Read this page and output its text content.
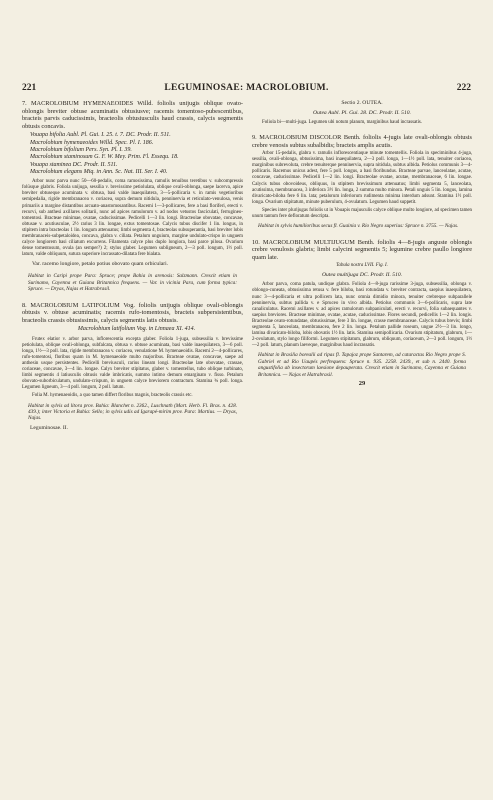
221	LEGUMINOSAE: MACROLOBIUM.	222

7. MACROLOBIUM HYMENAEOIDES Willd. foliolis unijugis oblique ovato-oblongis breviter obtuse acuminatis obtusiusve; racemis tomentoso-pubescentibus, bracteis parvis caducissimis, bracteolis obtusiusculis haud crassis, calycis segmentis obtusis concavis.

Vouapa bifolia Aubl. Pl. Gui. I. 25. t. 7. DC. Prodr. II. 511.
Macrolobium hymenaeoides Willd. Spec. Pl. I. 186.
Macrolobium bifolium Pers. Syn. Pl. I. 39.
Macrolobium staminosum G. F. W. Mey. Prim. Fl. Essequ. 18.
Vouapa staminea DC. Prodr. II. 511.
Macrolobium elegans Miq. in Ann. Sc. Nat. III. Ser. I. 40.

Arbor nunc parva nunc 50—60-pedalis, coma ramosissima, ramulis tenuibus teretibus v. subcompressis folüsque glabris. Foliola unijuga, sessilia v. brevissime petiolulata, oblique ovali-oblonga, saepe lacerva, apice breviter obtuseque acuminata v. obtusa, basi valde inaequilatera, 3—5-pollicaria v. in ramis vegetioribus semipedalia, rigide membranacea v. coriacea, supra demum nitidula, penninervia et reticulato-venulosa, venis primariis a margine distantibus arcuato-anastomosantibus. Racemi 1—3-pollicares, fere a basi floriferi, erecti v. recurvi, sub anthesi axillares solitarii, nunc ad apices ramulorum v. ad nodos vetustos fasciculati, ferrugineo-tomentosi. Bracteae minimae, ovatae, caducissimae. Pedicelli 1—3 lin. longi. Bracteolae obovatae, concavae, obtusae v. acutiusculae, 2½ rarius 3 lin. longae, extus tomentosae. Calycis tubus discifer 1 lin. longus, in stipitem intra bracteolas 1 lin. longum attenuatus; limbi segmenta 4, bracteolas subsuperantia, basi breviter lobis membranaceis-subpetaloidea, concava, glabra v. ciliata. Petalum unguium, margine undulato-crispo in unguem calyce longiorem basi ciliatum excurrens. Filamenta calyce plus duplo longiora, basi parce pilosa. Ovarium dense tomentosum, ovula (an semper?) 2; stylus glaber. Legumen subligneum, 2—3 poll. longum, 1½ poll. latum, valde obliquum, sutura superiore incrassato-dilatata fere bialata.

Var. racemo longiore, petalo potius obovato quam orbiculari.

Habitat in Caripi prope Para: Spruce; prope Bahia in arenosis: Salzmann. Crescit etiam in Surinamo, Cayenna et Guiana Britannica frequens. — Var. in vicinia Para, cum forma typica: Spruce. — Dryas, Najas et Hatrabrasil.

8. MACROLOBIUM LATIFOLIUM Vog. foliolis unijugis oblique ovali-oblongis obtusis v. obtuse acuminatis; racemis rufo-tomentosis, bracteis subpersistentibus, bracteolis crassis obtusissimis, calycis segmentis latis obtusis.

Macrolobium latifolium Vog. in Linnaea XI. 414.

Frutex elatior v. arbor parva, inflorescentia excepta glaber. Foliola 1-juga, subsessilia v. brevissime petiolulata, oblique ovali-oblonga, subfalcata, obtusa v. obtuse acuminata, basi valde inaequilatera, 3—6 poll. longa, 1½—3 poll. lata, rigide membranacea v. coriacea, venulatione M. hymenaeoidis. Racemi 2—4-pollicares, rufo-tomentosi, floribus quam in M. hymenaeoide multo majoribus. Bracteae ovatae, concavae, saepe ad anthesin usque persistentes. Pedicelli breviusculi, rarius lineam longi. Bracteolae late obovatae, crassae, coriaceae, concavae, 3—4 lin. longae. Calyx breviter stipitatus, glaber v. tomentellus, tubo oblique turbinato, limbi segmentis 4 latiusculis obtusis valde imbricatis, summo intimo demum emarginato v. fisso. Petalum obovato-suborbiculatum, undulato-crispum, in unguem calyce breviorem contractum. Stamina ¾ poll. longa. Legumen ligneum, 3—4 poll. longum, 2 poll. latum.

Folia M. hymenaeoidis, a quo tamen differt floribus magnis, bracteolis crassis etc.

Habitat in sylvis ad litora prov. Bahia: Blanchet n. 2362., Luschnath (Mart. Herb. Fl. Bras. n. 428. 439.); inter Victoria et Bahia: Sello; in sylvis udis ad Igarapé-mirim prov. Para: Martius. — Dryas, Najas.

Leguminosae. II.

Sectio 2. OUTEA.

Outea Aubl. Pl. Gui. 28. DC. Prodr. II. 510.

Foliola bi—multi-juga. Legumen ubi notum planum, marginibus haud incrassatis.

9. MACROLOBIUM DISCOLOR Benth. foliolis 4-jugis late ovali-oblongis obtusis crebre venosis subtus subalbidis; bracteis amplis acutis.

Arbor 15-pedalis, glabra v. ramulis inflorescentiaque minute tomentellis. Foliola in speciminibus 4-juga, sessilia, ovali-oblonga, obtusissima, basi inaequilatera, 2—3 poll. longa, 1—1½ poll. lata, tenuiter coriacea, marginibus subrevoluta, crebre tenuiterque penninervia, supra nitidula, subtus albida. Petiolus communis 3—4-pollicaris. Racemus unicus adest, fere 5 poll. longus, a basi floribundus. Bracteae parvae, lanceolatae, acutae, concavae, caducissimae. Pedicelli 1—2 lin. longi. Bracteolae ovatae, acutae, membranaceae, 6 lin. longae. Calycis tubus obovoideus, obliquus, in stipitem brevissimum attenuatus; limbi segmenta 5, lanceolata, acutissima, membranacea, 3 inferiora 3½ lin. longa, 2 summa multo minora. Petali unguis 5 lin. longus, lamina divaricato-biloba fere 6 lin. lata; petalorum inferiorum rudimenta minima interdum adsunt. Stamina 1½ poll. longa. Ovarium stipitatum, minute puberulum, 4-ovulatum. Legumen haud suppetit.

Species inter plurijugas foliolis ut in Vouapis majusculis calyce oblique multo longiore, ad specimen tamen unum tantum fere defloratum descripta.

Habitat in sylvis humilioribus secus fl. Guainia v. Rio Negro superius: Spruce n. 3755. — Najas.

10. MACROLOBIUM MULTIJUGUM Benth. foliolis 4—8-jugis anguste oblongis crebre venulosis glabris; limbi calycini segmentis 5; legumine crebre paullo longiore quam late.

Tabula nostra LVII. Fig. I.

Outea multijuga DC. Prodr. II. 510.

Arbor parva, coma patula, undique glabra. Foliola 4—8-juga rarissime 3-juga, subsessilia, oblonga v. oblongo-cuneata, obtusissima retusa v. fere biloba, basi rotundata v. breviter contracta, saepius inaequilatera, nunc 3—4-pollicaria et ultra pollicem lata, nunc omnia dimidio minora, tenuiter crebreque subparallele penninervia, subtus pallida v. e Spruceo in vivo albida. Petiolus communis 3—6-pollicaris, supra late canaliculatus. Racemi axillares v. ad apices ramulorum subpaniculati, erecti v. recurvi, folia subaequantes v. saepius breviores. Bracteae minimae, ovatae, acutae, caducissimae. Flores secundi, pedicellis 1—2 lin. longis. Bracteolae ovato-rotundatae, obtusissimae, fere 3 lin. longae, crasse membranaceae. Calycis tubus brevis; limbi segmenta 5, lanceolata, membranacea, fere 2 lin. longa. Petalum pallide roseum, ungue 2½—3 lin. longo, lamina divaricato-biloba, lobis obovatis 1½ lin. latis. Stamina semipollicaria. Ovarium stipitatum, glabrum, 1—2-ovulatum, stylo longo filiformi. Legumen stipitatum, glabrum, obliquum, coriaceum, 2—3 poll. longum, 1½—2 poll. latum, planum laeveque, marginibus haud incrassatis.

Habitat in Brasilia borealii ad ripas fl. Tapajoz prope Santarem, ad cataractas Rio Negro prope S. Gabriel et ad Rio Uaupés perfrequens: Spruce n. 935. 2258. 2439., et sub n. 2440. forma angustifolia ab insectorum laesione depauperata. Crescit etiam in Surinamo, Cayenna et Guiana Britannica. — Najas et Hatrabrasil.

29
